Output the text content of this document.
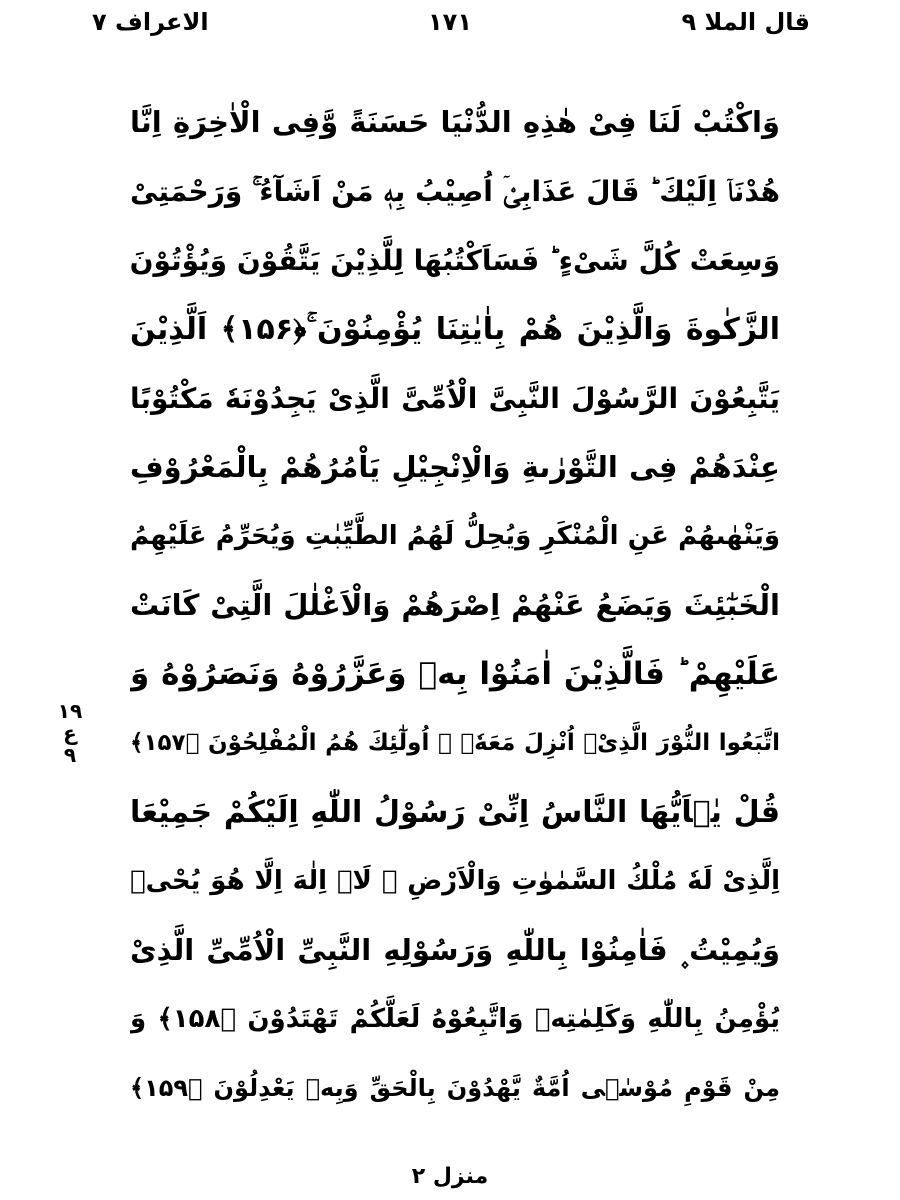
قال الملا ۹
۱۷۱
الاعراف ۷
وَاكْتُبْ لَنَا فِىْ هٰذِهِ الدُّنْيَا حَسَنَةً وَّفِى الْاٰخِرَةِ اِنَّا
هُدْنَاۤ اِلَيْكَ ؕ قَالَ عَذَابِىْۤ اُصِيْبُ بِهٖ مَنْ اَشَآءُ ۚ وَرَحْمَتِىْ
وَسِعَتْ كُلَّ شَىْءٍ ؕ فَسَاَكْتُبُهَا لِلَّذِيْنَ يَتَّقُوْنَ وَيُؤْتُوْنَ
الزَّكٰوةَ وَالَّذِيْنَ هُمْ بِاٰيٰتِنَا يُؤْمِنُوْنَ ۚ﴿۱۵۶﴾ اَلَّذِيْنَ
يَتَّبِعُوْنَ الرَّسُوْلَ النَّبِىَّ الْاُمِّىَّ الَّذِىْ يَجِدُوْنَهٗ مَكْتُوْبًا
عِنْدَهُمْ فِى التَّوْرٰىةِ وَالْاِنْجِيْلِ يَاْمُرُهُمْ بِالْمَعْرُوْفِ
وَيَنْهٰىهُمْ عَنِ الْمُنْكَرِ وَيُحِلُّ لَهُمُ الطَّيِّبٰتِ وَيُحَرِّمُ عَلَيْهِمُ
الْخَبٰٓئِثَ وَيَضَعُ عَنْهُمْ اِصْرَهُمْ وَالْاَغْلٰلَ الَّتِىْ كَانَتْ
عَلَيْهِمْ ؕ فَالَّذِيْنَ اٰمَنُوْا بِهٖ وَعَزَّرُوْهُ وَنَصَرُوْهُ وَ
اتَّبَعُوا النُّوْرَ الَّذِىْۤ اُنْزِلَ مَعَهٗۤ ۙ اُولٰٓئِكَ هُمُ الْمُفْلِحُوْنَ ﴿۱۵۷﴾
قُلْ يٰۤاَيُّهَا النَّاسُ اِنِّىْ رَسُوْلُ اللّٰهِ اِلَيْكُمْ جَمِيْعَا
اِلَّذِىْ لَهٗ مُلْكُ السَّمٰوٰتِ وَالْاَرْضِ ۚ لَاۤ اِلٰهَ اِلَّا هُوَ يُحْىٖ
وَيُمِيْتُ ۪ فَاٰمِنُوْا بِاللّٰهِ وَرَسُوْلِهِ النَّبِىِّ الْاُمِّىِّ الَّذِىْ
يُؤْمِنُ بِاللّٰهِ وَكَلِمٰتِهٖ وَاتَّبِعُوْهُ لَعَلَّكُمْ تَهْتَدُوْنَ ﴿۱۵۸﴾ وَ
مِنْ قَوْمِ مُوْسٰۤى اُمَّةٌ يَّهْدُوْنَ بِالْحَقِّ وَبِهٖ يَعْدِلُوْنَ ﴿۱۵۹﴾
۱۹
ع
۹
منزل ۲
